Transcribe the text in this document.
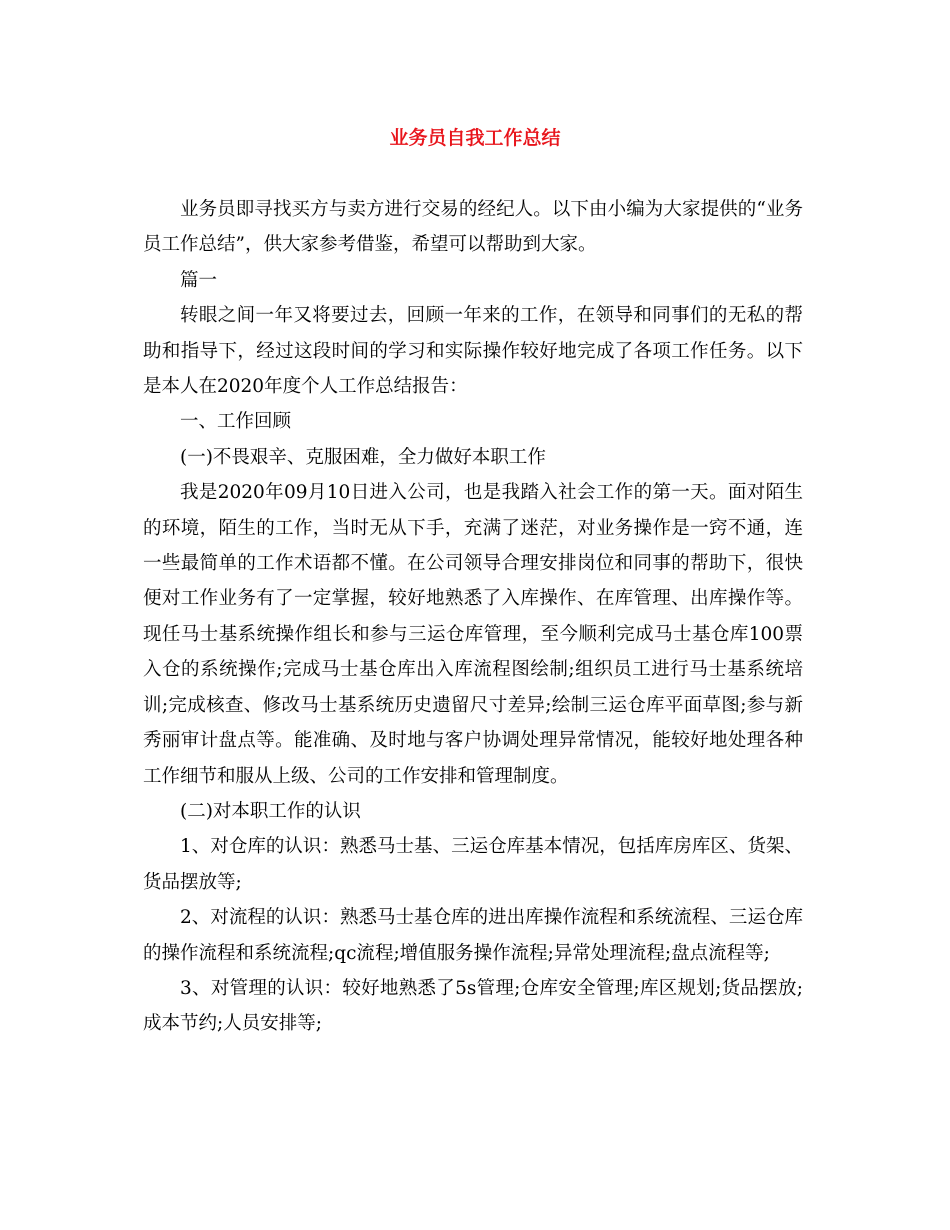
业务员自我工作总结

业务员即寻找买方与卖方进行交易的经纪人。以下由小编为大家提供的“业务员工作总结”，供大家参考借鉴，希望可以帮助到大家。

篇一

转眼之间一年又将要过去，回顾一年来的工作，在领导和同事们的无私的帮助和指导下，经过这段时间的学习和实际操作较好地完成了各项工作任务。以下是本人在2020年度个人工作总结报告：

一、工作回顾

(一)不畏艰辛、克服困难，全力做好本职工作

我是2020年09月10日进入公司，也是我踏入社会工作的第一天。面对陌生的环境，陌生的工作，当时无从下手，充满了迷茫，对业务操作是一窍不通，连一些最简单的工作术语都不懂。在公司领导合理安排岗位和同事的帮助下，很快便对工作业务有了一定掌握，较好地熟悉了入库操作、在库管理、出库操作等。现任马士基系统操作组长和参与三运仓库管理，至今顺利完成马士基仓库100票入仓的系统操作;完成马士基仓库出入库流程图绘制;组织员工进行马士基系统培训;完成核查、修改马士基系统历史遗留尺寸差异;绘制三运仓库平面草图;参与新秀丽审计盘点等。能准确、及时地与客户协调处理异常情况，能较好地处理各种工作细节和服从上级、公司的工作安排和管理制度。

(二)对本职工作的认识

1、对仓库的认识：熟悉马士基、三运仓库基本情况，包括库房库区、货架、货品摆放等;

2、对流程的认识：熟悉马士基仓库的进出库操作流程和系统流程、三运仓库的操作流程和系统流程;qc流程;增值服务操作流程;异常处理流程;盘点流程等;

3、对管理的认识：较好地熟悉了5s管理;仓库安全管理;库区规划;货品摆放;成本节约;人员安排等;
